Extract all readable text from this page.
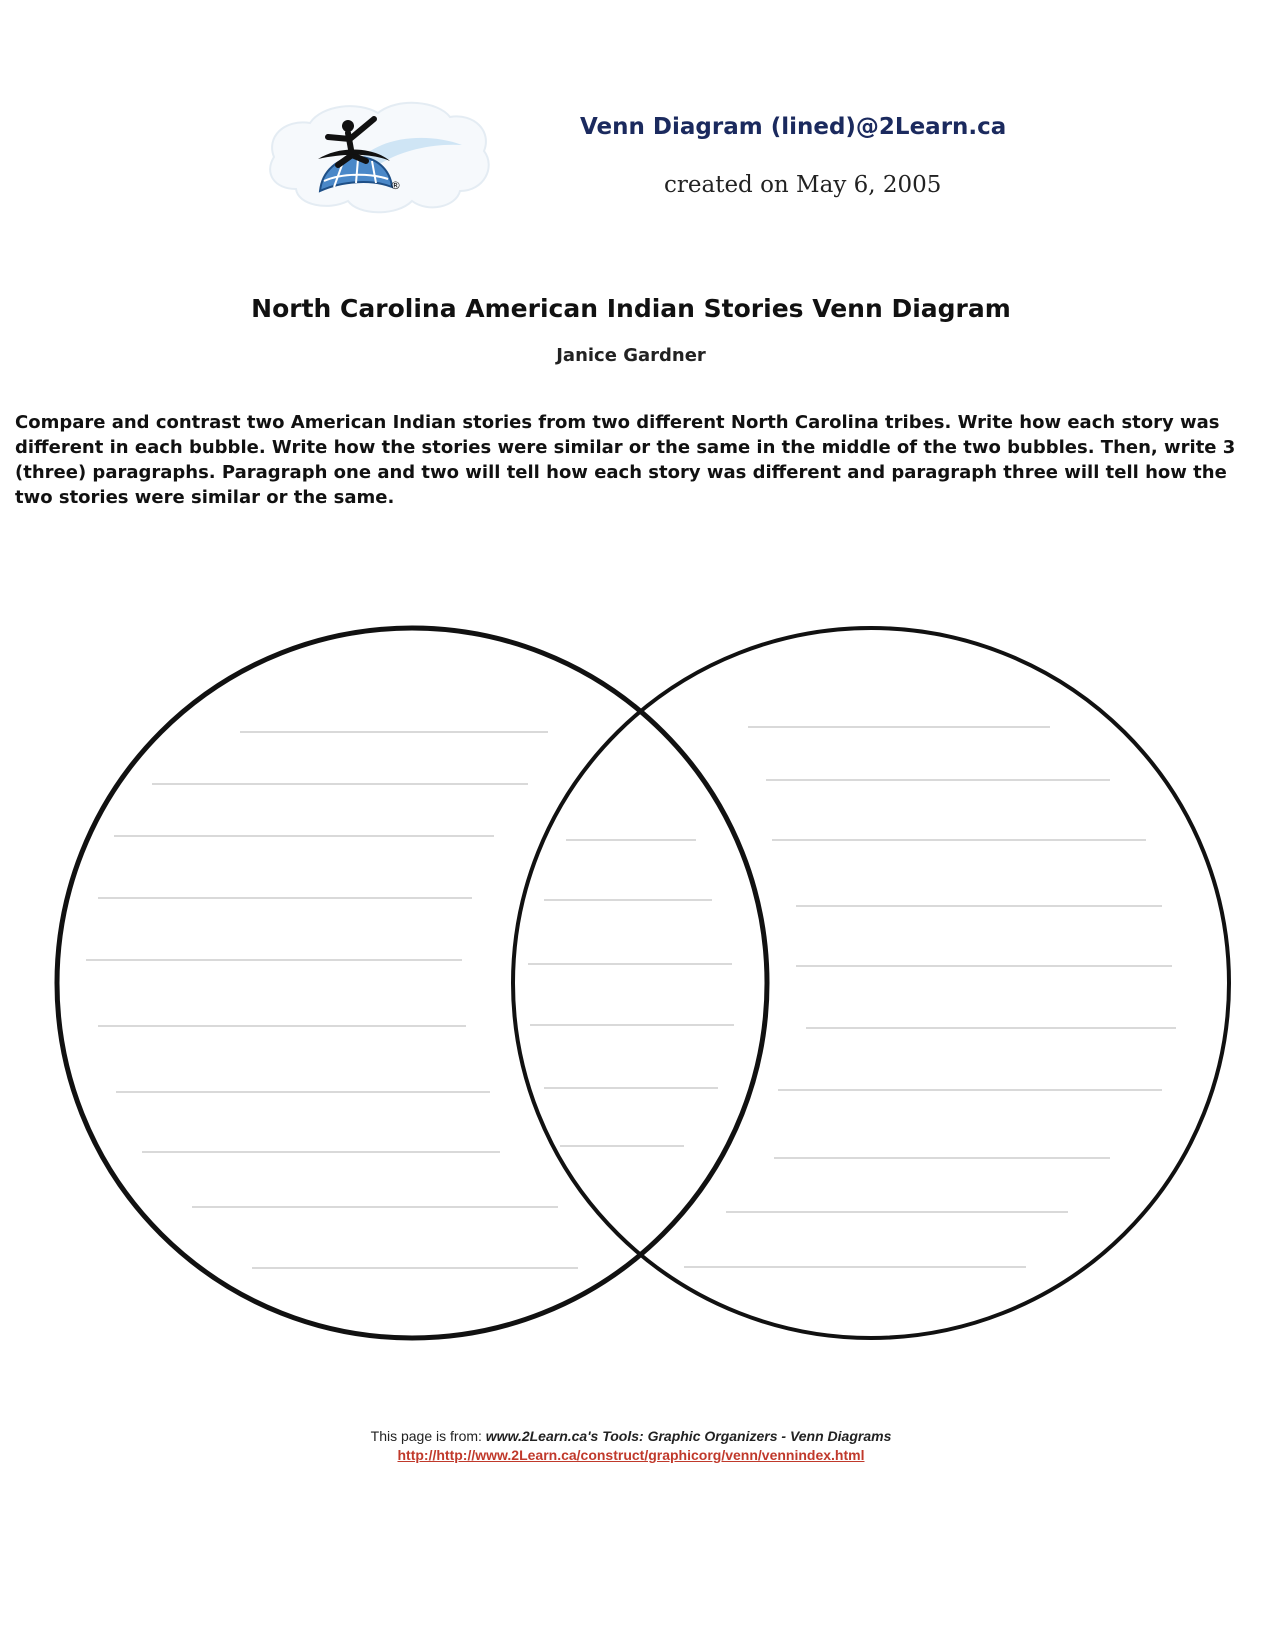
®
Venn Diagram (lined)@2Learn.ca
created on May 6, 2005
North Carolina American Indian Stories Venn Diagram
Janice Gardner

Compare and contrast two American Indian stories from two different North Carolina tribes. Write how each story was different in each bubble. Write how the stories were similar or the same in the middle of the two bubbles. Then, write 3 (three) paragraphs. Paragraph one and two will tell how each story was different and paragraph three will tell how the two stories were similar or the same.

This page is from: www.2Learn.ca's Tools: Graphic Organizers - Venn Diagrams
http://http://www.2Learn.ca/construct/graphicorg/venn/vennindex.html
